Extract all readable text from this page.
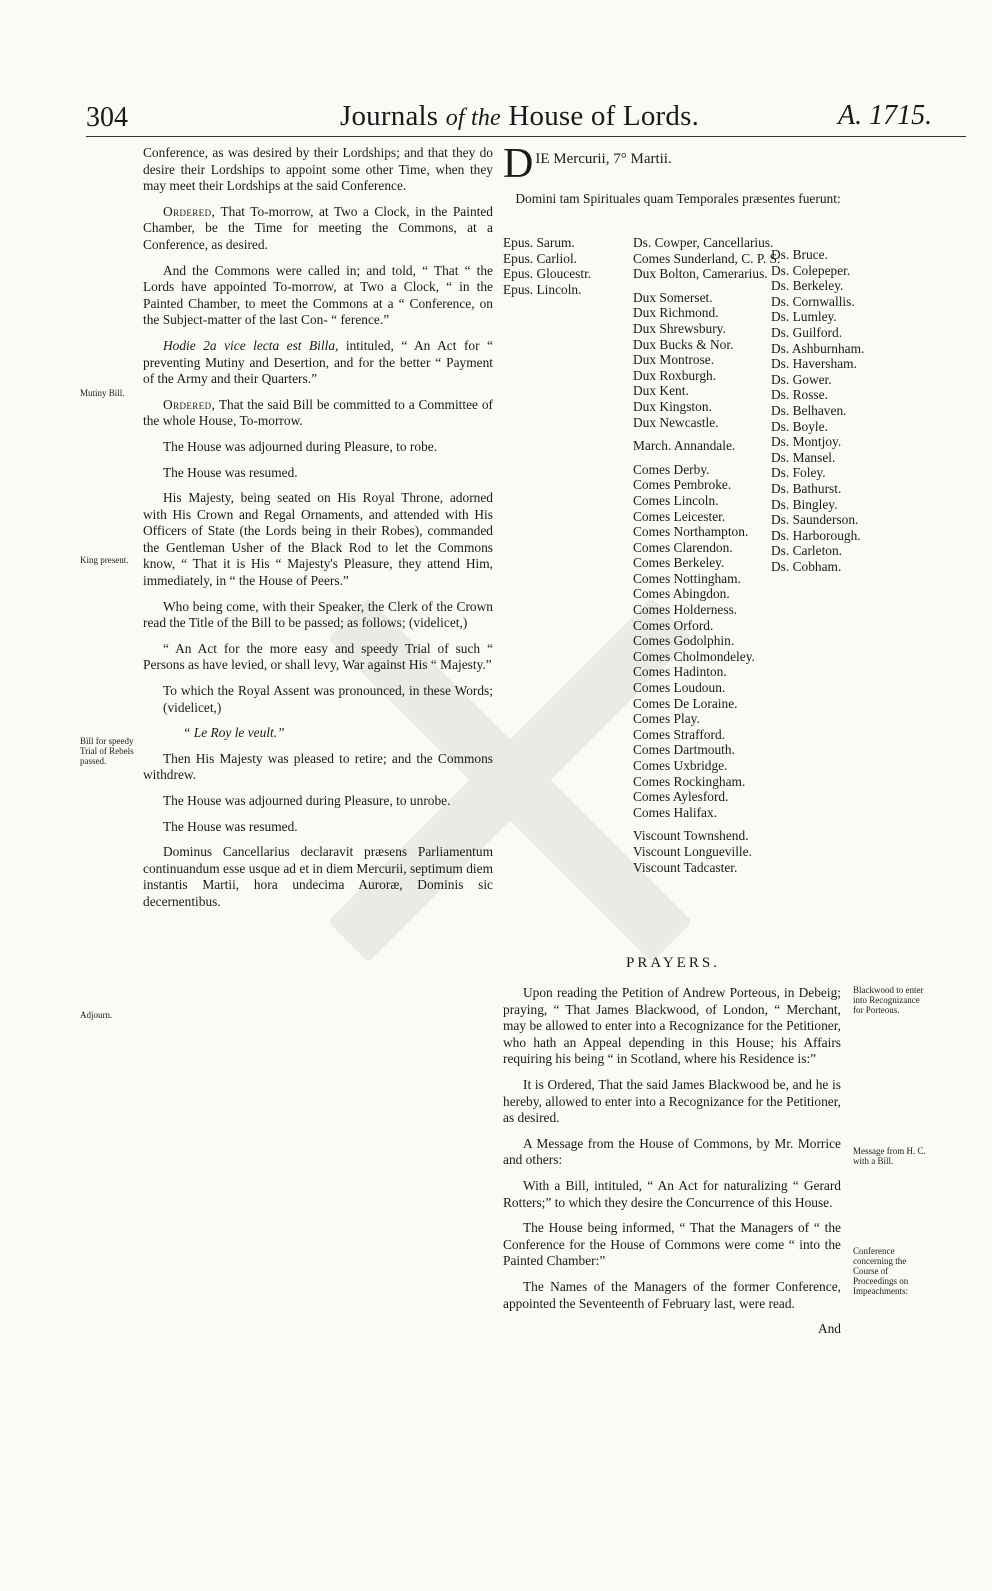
304	Journals of the House of Lords.	A. 1715.

Conference, as was desired by their Lordships; and that they do desire their Lordships to appoint some other Time, when they may meet their Lordships at the said Conference.

Ordered, That To-morrow, at Two a Clock, in the Painted Chamber, be the Time for meeting the Commons, at a Conference, as desired.

And the Commons were called in; and told, “ That “ the Lords have appointed To-morrow, at Two a Clock, “ in the Painted Chamber, to meet the Commons at a “ Conference, on the Subject-matter of the last Con- “ ference.”

Hodie 2a vice lecta est Billa, intituled, “ An Act for “ preventing Mutiny and Desertion, and for the better “ Payment of the Army and their Quarters.”

Ordered, That the said Bill be committed to a Committee of the whole House, To-morrow.

The House was adjourned during Pleasure, to robe.

The House was resumed.

His Majesty, being seated on His Royal Throne, adorned with His Crown and Regal Ornaments, and attended with His Officers of State (the Lords being in their Robes), commanded the Gentleman Usher of the Black Rod to let the Commons know, “ That it is His “ Majesty's Pleasure, they attend Him, immediately, in “ the House of Peers.”

Who being come, with their Speaker, the Clerk of the Crown read the Title of the Bill to be passed; as follows; (videlicet,)

“ An Act for the more easy and speedy Trial of such “ Persons as have levied, or shall levy, War against His “ Majesty.”

To which the Royal Assent was pronounced, in these Words; (videlicet,)

“ Le Roy le veult.”

Then His Majesty was pleased to retire; and the Commons withdrew.

The House was adjourned during Pleasure, to unrobe.

The House was resumed.

Dominus Cancellarius declaravit præsens Parliamentum continuandum esse usque ad et in diem Mercurii, septimum diem instantis Martii, hora undecima Auroræ, Dominis sic decernentibus.

Mutiny Bill.
King present.
Bill for speedy Trial of Rebels passed.
Adjourn.
D IE Mercurii, 7° Martii.

Domini tam Spirituales quam Temporales præsentes fuerunt:

Epus. Sarum.
Epus. Carliol.
Epus. Gloucestr.
Epus. Lincoln.
Ds. Cowper, Cancellarius.
Comes Sunderland, C. P. S.
Dux Bolton, Camerarius.
Dux Somerset.
Dux Richmond.
Dux Shrewsbury.
Dux Bucks & Nor.
Dux Montrose.
Dux Roxburgh.
Dux Kent.
Dux Kingston.
Dux Newcastle.
March. Annandale.
Comes Derby.
Comes Pembroke.
Comes Lincoln.
Comes Leicester.
Comes Northampton.
Comes Clarendon.
Comes Berkeley.
Comes Nottingham.
Comes Abingdon.
Comes Holderness.
Comes Orford.
Comes Godolphin.
Comes Cholmondeley.
Comes Hadinton.
Comes Loudoun.
Comes De Loraine.
Comes Play.
Comes Strafford.
Comes Dartmouth.
Comes Uxbridge.
Comes Rockingham.
Comes Aylesford.
Comes Halifax.
Viscount Townshend.
Viscount Longueville.
Viscount Tadcaster.
Ds. Bruce.
Ds. Colepeper.
Ds. Berkeley.
Ds. Cornwallis.
Ds. Lumley.
Ds. Guilford.
Ds. Ashburnham.
Ds. Haversham.
Ds. Gower.
Ds. Rosse.
Ds. Belhaven.
Ds. Boyle.
Ds. Montjoy.
Ds. Mansel.
Ds. Foley.
Ds. Bathurst.
Ds. Bingley.
Ds. Saunderson.
Ds. Harborough.
Ds. Carleton.
Ds. Cobham.
PRAYERS.

Upon reading the Petition of Andrew Porteous, in Debeig; praying, “ That James Blackwood, of London, “ Merchant, may be allowed to enter into a Recognizance for the Petitioner, who hath an Appeal depending in this House; his Affairs requiring his being “ in Scotland, where his Residence is:”

It is Ordered, That the said James Blackwood be, and he is hereby, allowed to enter into a Recognizance for the Petitioner, as desired.

A Message from the House of Commons, by Mr. Morrice and others:

With a Bill, intituled, “ An Act for naturalizing “ Gerard Rotters;” to which they desire the Concurrence of this House.

The House being informed, “ That the Managers of “ the Conference for the House of Commons were come “ into the Painted Chamber:”

The Names of the Managers of the former Conference, appointed the Seventeenth of February last, were read.

And

Blackwood to enter into Recognizance for Porteous.
Message from H. C. with a Bill.
Conference concerning the Course of Proceedings on Impeachments:
